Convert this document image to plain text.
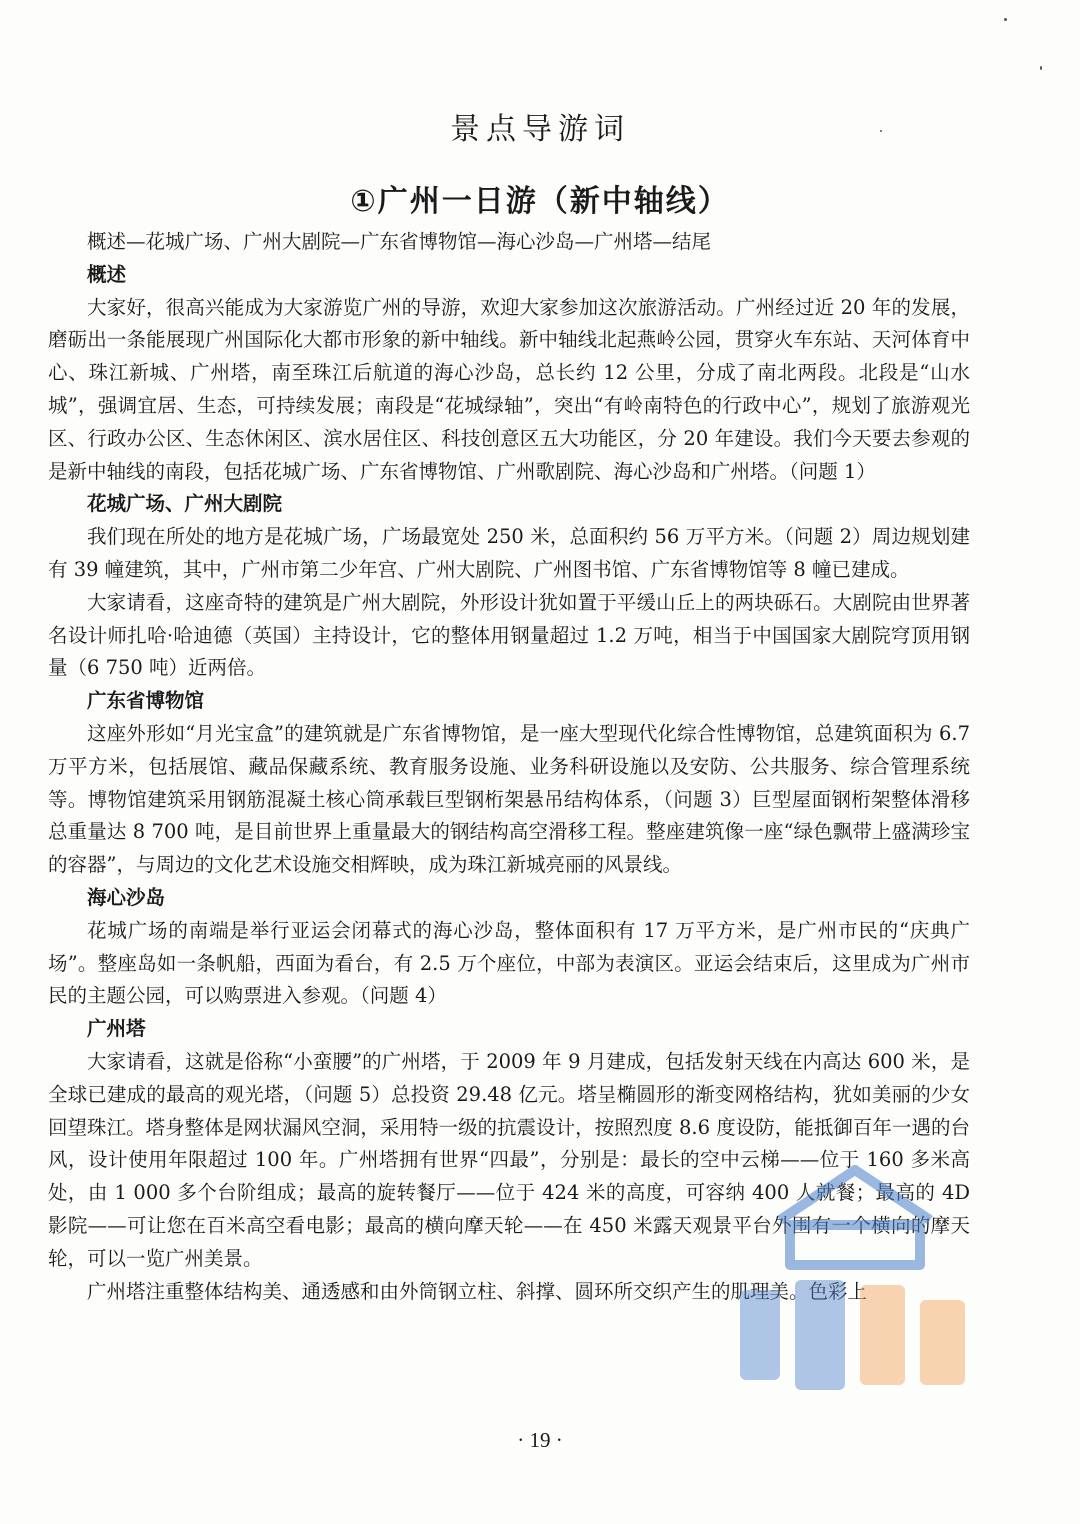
景点导游词
①广州一日游（新中轴线）

概述—花城广场、广州大剧院—广东省博物馆—海心沙岛—广州塔—结尾

概述

大家好，很高兴能成为大家游览广州的导游，欢迎大家参加这次旅游活动。广州经过近 20 年的发展，磨砺出一条能展现广州国际化大都市形象的新中轴线。新中轴线北起燕岭公园，贯穿火车东站、天河体育中心、珠江新城、广州塔，南至珠江后航道的海心沙岛，总长约 12 公里，分成了南北两段。北段是“山水城”，强调宜居、生态，可持续发展；南段是“花城绿轴”，突出“有岭南特色的行政中心”，规划了旅游观光区、行政办公区、生态休闲区、滨水居住区、科技创意区五大功能区，分 20 年建设。我们今天要去参观的是新中轴线的南段，包括花城广场、广东省博物馆、广州歌剧院、海心沙岛和广州塔。（问题 1）

花城广场、广州大剧院

我们现在所处的地方是花城广场，广场最宽处 250 米，总面积约 56 万平方米。（问题 2）周边规划建有 39 幢建筑，其中，广州市第二少年宫、广州大剧院、广州图书馆、广东省博物馆等 8 幢已建成。

大家请看，这座奇特的建筑是广州大剧院，外形设计犹如置于平缓山丘上的两块砾石。大剧院由世界著名设计师扎哈·哈迪德（英国）主持设计，它的整体用钢量超过 1.2 万吨，相当于中国国家大剧院穹顶用钢量（6 750 吨）近两倍。

广东省博物馆

这座外形如“月光宝盒”的建筑就是广东省博物馆，是一座大型现代化综合性博物馆，总建筑面积为 6.7 万平方米，包括展馆、藏品保藏系统、教育服务设施、业务科研设施以及安防、公共服务、综合管理系统等。博物馆建筑采用钢筋混凝土核心筒承载巨型钢桁架悬吊结构体系，（问题 3）巨型屋面钢桁架整体滑移总重量达 8 700 吨，是目前世界上重量最大的钢结构高空滑移工程。整座建筑像一座“绿色飘带上盛满珍宝的容器”，与周边的文化艺术设施交相辉映，成为珠江新城亮丽的风景线。

海心沙岛

花城广场的南端是举行亚运会闭幕式的海心沙岛，整体面积有 17 万平方米，是广州市民的“庆典广场”。整座岛如一条帆船，西面为看台，有 2.5 万个座位，中部为表演区。亚运会结束后，这里成为广州市民的主题公园，可以购票进入参观。（问题 4）

广州塔

大家请看，这就是俗称“小蛮腰”的广州塔，于 2009 年 9 月建成，包括发射天线在内高达 600 米，是全球已建成的最高的观光塔，（问题 5）总投资 29.48 亿元。塔呈椭圆形的渐变网格结构，犹如美丽的少女回望珠江。塔身整体是网状漏风空洞，采用特一级的抗震设计，按照烈度 8.6 度设防，能抵御百年一遇的台风，设计使用年限超过 100 年。广州塔拥有世界“四最”，分别是：最长的空中云梯——位于 160 多米高处，由 1 000 多个台阶组成；最高的旋转餐厅——位于 424 米的高度，可容纳 400 人就餐；最高的 4D 影院——可让您在百米高空看电影；最高的横向摩天轮——在 450 米露天观景平台外围有一个横向的摩天轮，可以一览广州美景。

广州塔注重整体结构美、通透感和由外筒钢立柱、斜撑、圆环所交织产生的肌理美。色彩上

· 19 ·
